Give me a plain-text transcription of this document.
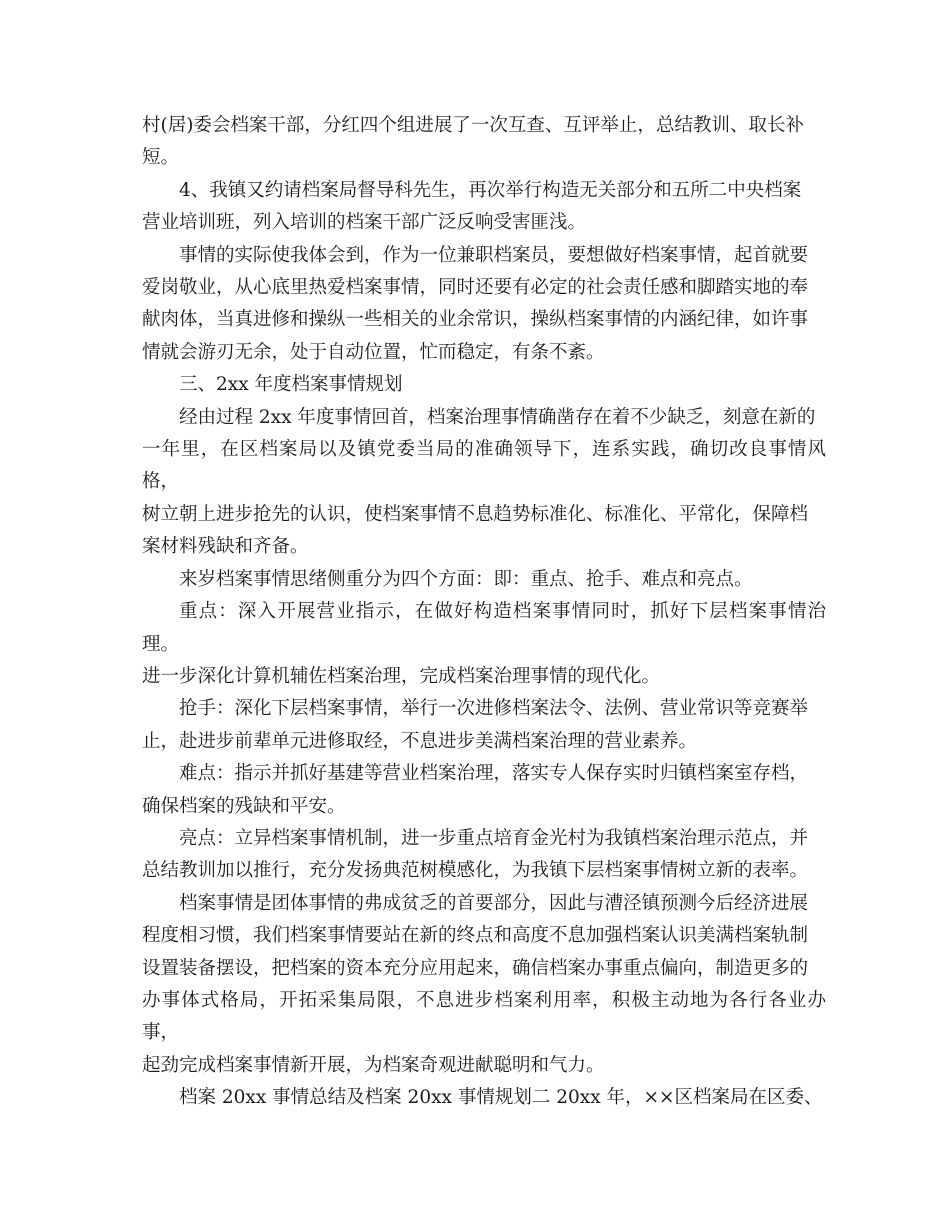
村(居)委会档案干部，分红四个组进展了一次互查、互评举止，总结教训、取长补
短。

4、我镇又约请档案局督导科先生，再次举行构造无关部分和五所二中央档案
营业培训班，列入培训的档案干部广泛反响受害匪浅。

事情的实际使我体会到，作为一位兼职档案员，要想做好档案事情，起首就要
爱岗敬业，从心底里热爱档案事情，同时还要有必定的社会责任感和脚踏实地的奉
献肉体，当真进修和操纵一些相关的业余常识，操纵档案事情的内涵纪律，如许事
情就会游刃无余，处于自动位置，忙而稳定，有条不紊。

三、2xx 年度档案事情规划

经由过程 2xx 年度事情回首，档案治理事情确凿存在着不少缺乏，刻意在新的
一年里，在区档案局以及镇党委当局的准确领导下，连系实践，确切改良事情风格，
树立朝上进步抢先的认识，使档案事情不息趋势标准化、标准化、平常化，保障档
案材料残缺和齐备。

来岁档案事情思绪侧重分为四个方面：即：重点、抢手、难点和亮点。

重点：深入开展营业指示，在做好构造档案事情同时，抓好下层档案事情治理。
进一步深化计算机辅佐档案治理，完成档案治理事情的现代化。

抢手：深化下层档案事情，举行一次进修档案法令、法例、营业常识等竞赛举
止，赴进步前辈单元进修取经，不息进步美满档案治理的营业素养。

难点：指示并抓好基建等营业档案治理，落实专人保存实时归镇档案室存档，
确保档案的残缺和平安。

亮点：立异档案事情机制，进一步重点培育金光村为我镇档案治理示范点，并
总结教训加以推行，充分发扬典范树模感化，为我镇下层档案事情树立新的表率。

档案事情是团体事情的弗成贫乏的首要部分，因此与漕泾镇预测今后经济进展
程度相习惯，我们档案事情要站在新的终点和高度不息加强档案认识美满档案轨制
设置装备摆设，把档案的资本充分应用起来，确信档案办事重点偏向，制造更多的
办事体式格局，开拓采集局限，不息进步档案利用率，积极主动地为各行各业办事，
起劲完成档案事情新开展，为档案奇观进献聪明和气力。

档案 20xx 事情总结及档案 20xx 事情规划二 20xx 年，××区档案局在区委、
